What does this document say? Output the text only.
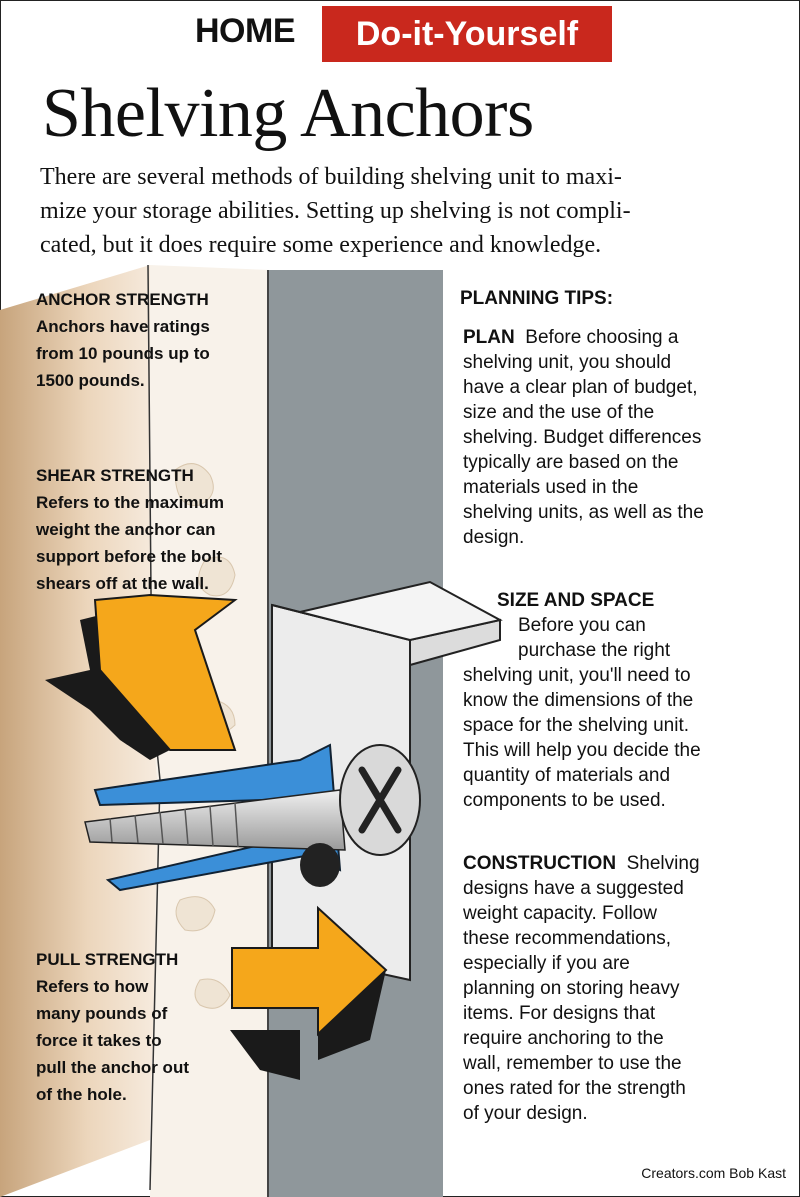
HOME	Do-it-Yourself
Shelving Anchors
There are several methods of building shelving unit to maxi-
mize your storage abilities. Setting up shelving is not compli-
cated, but it does require some experience and knowledge.
ANCHOR STRENGTH
Anchors have ratings
from 10 pounds up to
1500 pounds.
SHEAR STRENGTH
Refers to the maximum
weight the anchor can
support before the bolt
shears off at the wall.
PULL STRENGTH
Refers to how
many pounds of
force it takes to
pull the anchor out
of the hole.
PLANNING TIPS:
PLAN Before choosing a
shelving unit, you should
have a clear plan of budget,
size and the use of the
shelving. Budget differences
typically are based on the
materials used in the
shelving units, as well as the
design.
SIZE AND SPACE
Before you can
purchase the right
shelving unit, you'll need to
know the dimensions of the
space for the shelving unit.
This will help you decide the
quantity of materials and
components to be used.
CONSTRUCTION Shelving
designs have a suggested
weight capacity. Follow
these recommendations,
especially if you are
planning on storing heavy
items. For designs that
require anchoring to the
wall, remember to use the
ones rated for the strength
of your design.
Creators.com Bob Kast
